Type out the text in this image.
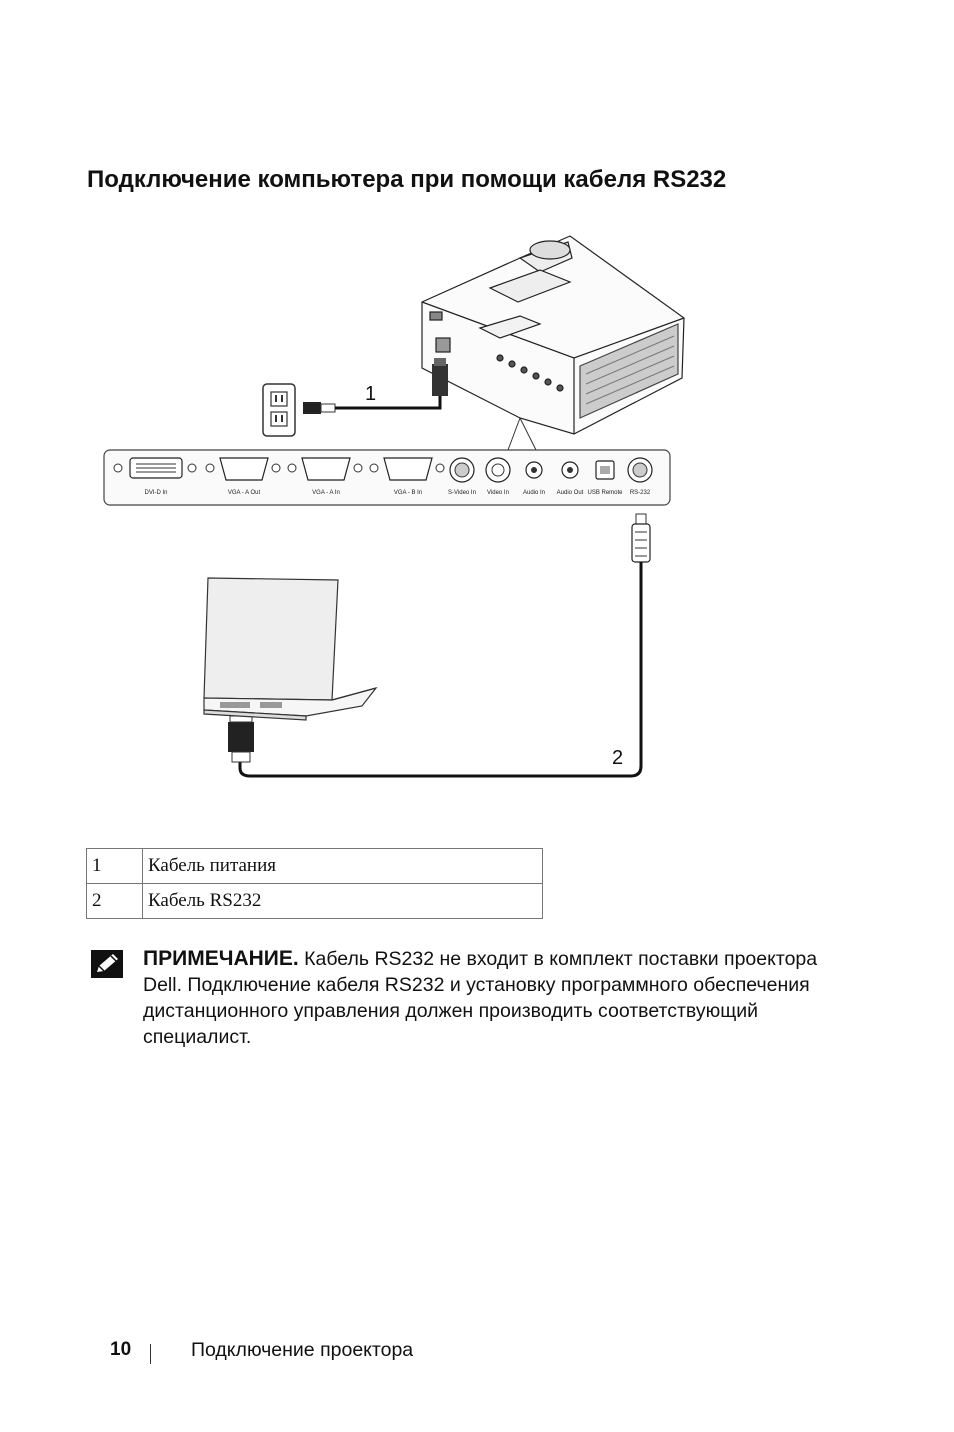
Подключение компьютера при помощи кабеля RS232
1
DVI-D In	VGA - A Out	VGA - A In	VGA - B In	S-Video In Video In Audio In Audio Out USB Remote RS-232
2
1	Кабель питания
2	Кабель RS232
ПРИМЕЧАНИЕ. Кабель RS232 не входит в комплект поставки проектора Dell. Подключение кабеля RS232 и установку программного обеспечения дистанционного управления должен производить соответствующий специалист.
10	Подключение проектора
